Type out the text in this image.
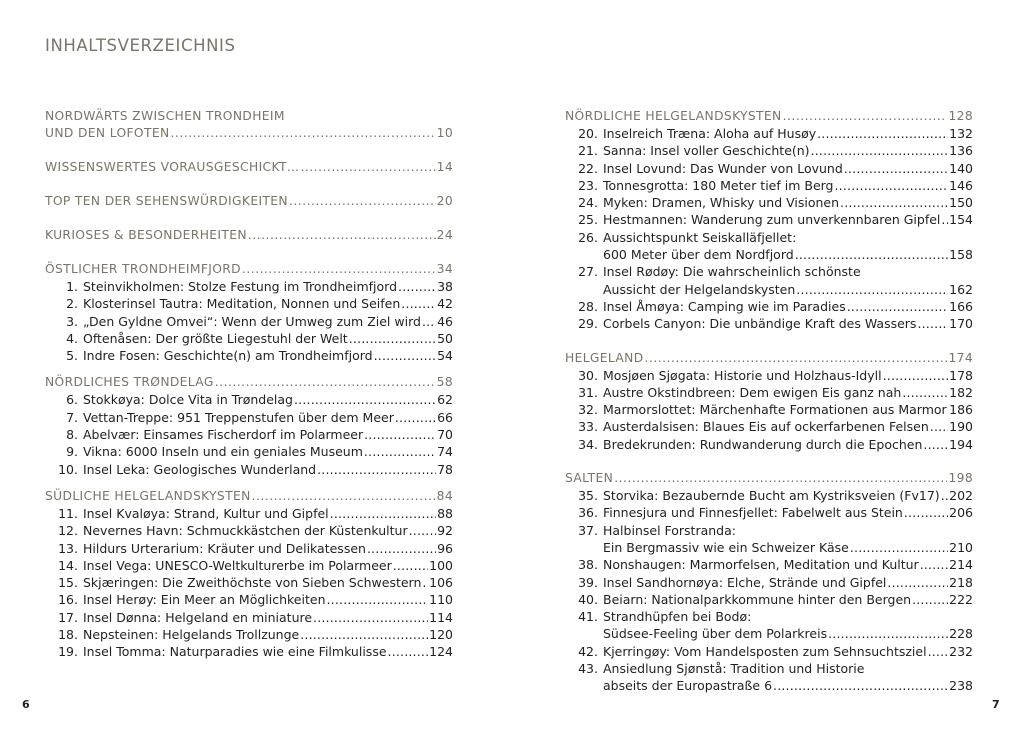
INHALTSVERZEICHNIS
NORDWÄRTS ZWISCHEN TRONDHEIM
UND DEN LOFOTEN .....	10
WISSENSWERTES VORAUSGESCHICKT… .....	14
TOP TEN DER SEHENSWÜRDIGKEITEN .....	20
KURIOSES & BESONDERHEITEN .....	24
ÖSTLICHER TRONDHEIMFJORD .....	34
1. Steinvikholmen: Stolze Festung im Trondheimfjord .....	38
2. Klosterinsel Tautra: Meditation, Nonnen und Seifen .....	42
3. „Den Gyldne Omvei“: Wenn der Umweg zum Ziel wird ..... 46
4. Oftenåsen: Der größte Liegestuhl der Welt .....	50
5. Indre Fosen: Geschichte(n) am Trondheimfjord .....	54
NÖRDLICHES TRØNDELAG .....	58
6. Stokkøya: Dolce Vita in Trøndelag .....	62
7. Vettan-Treppe: 951 Treppenstufen über dem Meer .....	66
8. Abelvær: Einsames Fischerdorf im Polarmeer .....	70
9. Vikna: 6000 Inseln und ein geniales Museum .....	74
10. Insel Leka: Geologisches Wunderland .....	78
SÜDLICHE HELGELANDSKYSTEN .....	84
11. Insel Kvaløya: Strand, Kultur und Gipfel .....	88
12. Nevernes Havn: Schmuckkästchen der Küstenkultur ..... 92
13. Hildurs Urterarium: Kräuter und Delikatessen .....	96
14. Insel Vega: UNESCO-Weltkulturerbe im Polarmeer .....	100
15. Skjæringen: Die Zweithöchste von Sieben Schwestern ..... 106
16. Insel Herøy: Ein Meer an Möglichkeiten .....	110
17. Insel Dønna: Helgeland en miniature .....	114
18. Nepsteinen: Helgelands Trollzunge .....	120
19. Insel Tomma: Naturparadies wie eine Filmkulisse .....	124
NÖRDLICHE HELGELANDSKYSTEN .....	128
20. Inselreich Træna: Aloha auf Husøy .....	132
21. Sanna: Insel voller Geschichte(n) .....	136
22. Insel Lovund: Das Wunder von Lovund .....	140
23. Tonnesgrotta: 180 Meter tief im Berg .....	146
24. Myken: Dramen, Whisky und Visionen .....	150
25. Hestmannen: Wanderung zum unverkennbaren Gipfel ..... 154
26. Aussichtspunkt Seiskalläfjellet:
600 Meter über dem Nordfjord .....	158
27. Insel Rødøy: Die wahrscheinlich schönste
Aussicht der Helgelandskysten .....	162
28. Insel Åmøya: Camping wie im Paradies .....	166
29. Corbels Canyon: Die unbändige Kraft des Wassers .....	170
HELGELAND .....	174
30. Mosjøen Sjøgata: Historie und Holzhaus-Idyll .....	178
31. Austre Okstindbreen: Dem ewigen Eis ganz nah .....	182
32. Marmorslottet: Märchenhafte Formationen aus Marmor ..... 186
33. Austerdalsisen: Blaues Eis auf ockerfarbenen Felsen ..... 190
34. Bredekrunden: Rundwanderung durch die Epochen ..... 194
SALTEN .....	198
35. Storvika: Bezaubernde Bucht am Kystriksveien (Fv17) ..... 202
36. Finnesjura und Finnesfjellet: Fabelwelt aus Stein .....	206
37. Halbinsel Forstranda:
Ein Bergmassiv wie ein Schweizer Käse .....	210
38. Nonshaugen: Marmorfelsen, Meditation und Kultur ..... 214
39. Insel Sandhornøya: Elche, Strände und Gipfel .....	218
40. Beiarn: Nationalparkkommune hinter den Bergen .....	222
41. Strandhüpfen bei Bodø:
Südsee-Feeling über dem Polarkreis .....	228
42. Kjerringøy: Vom Handelsposten zum Sehnsuchtsziel ..... 232
43. Ansiedlung Sjønstå: Tradition und Historie
abseits der Europastraße 6 .....	238
6	7
